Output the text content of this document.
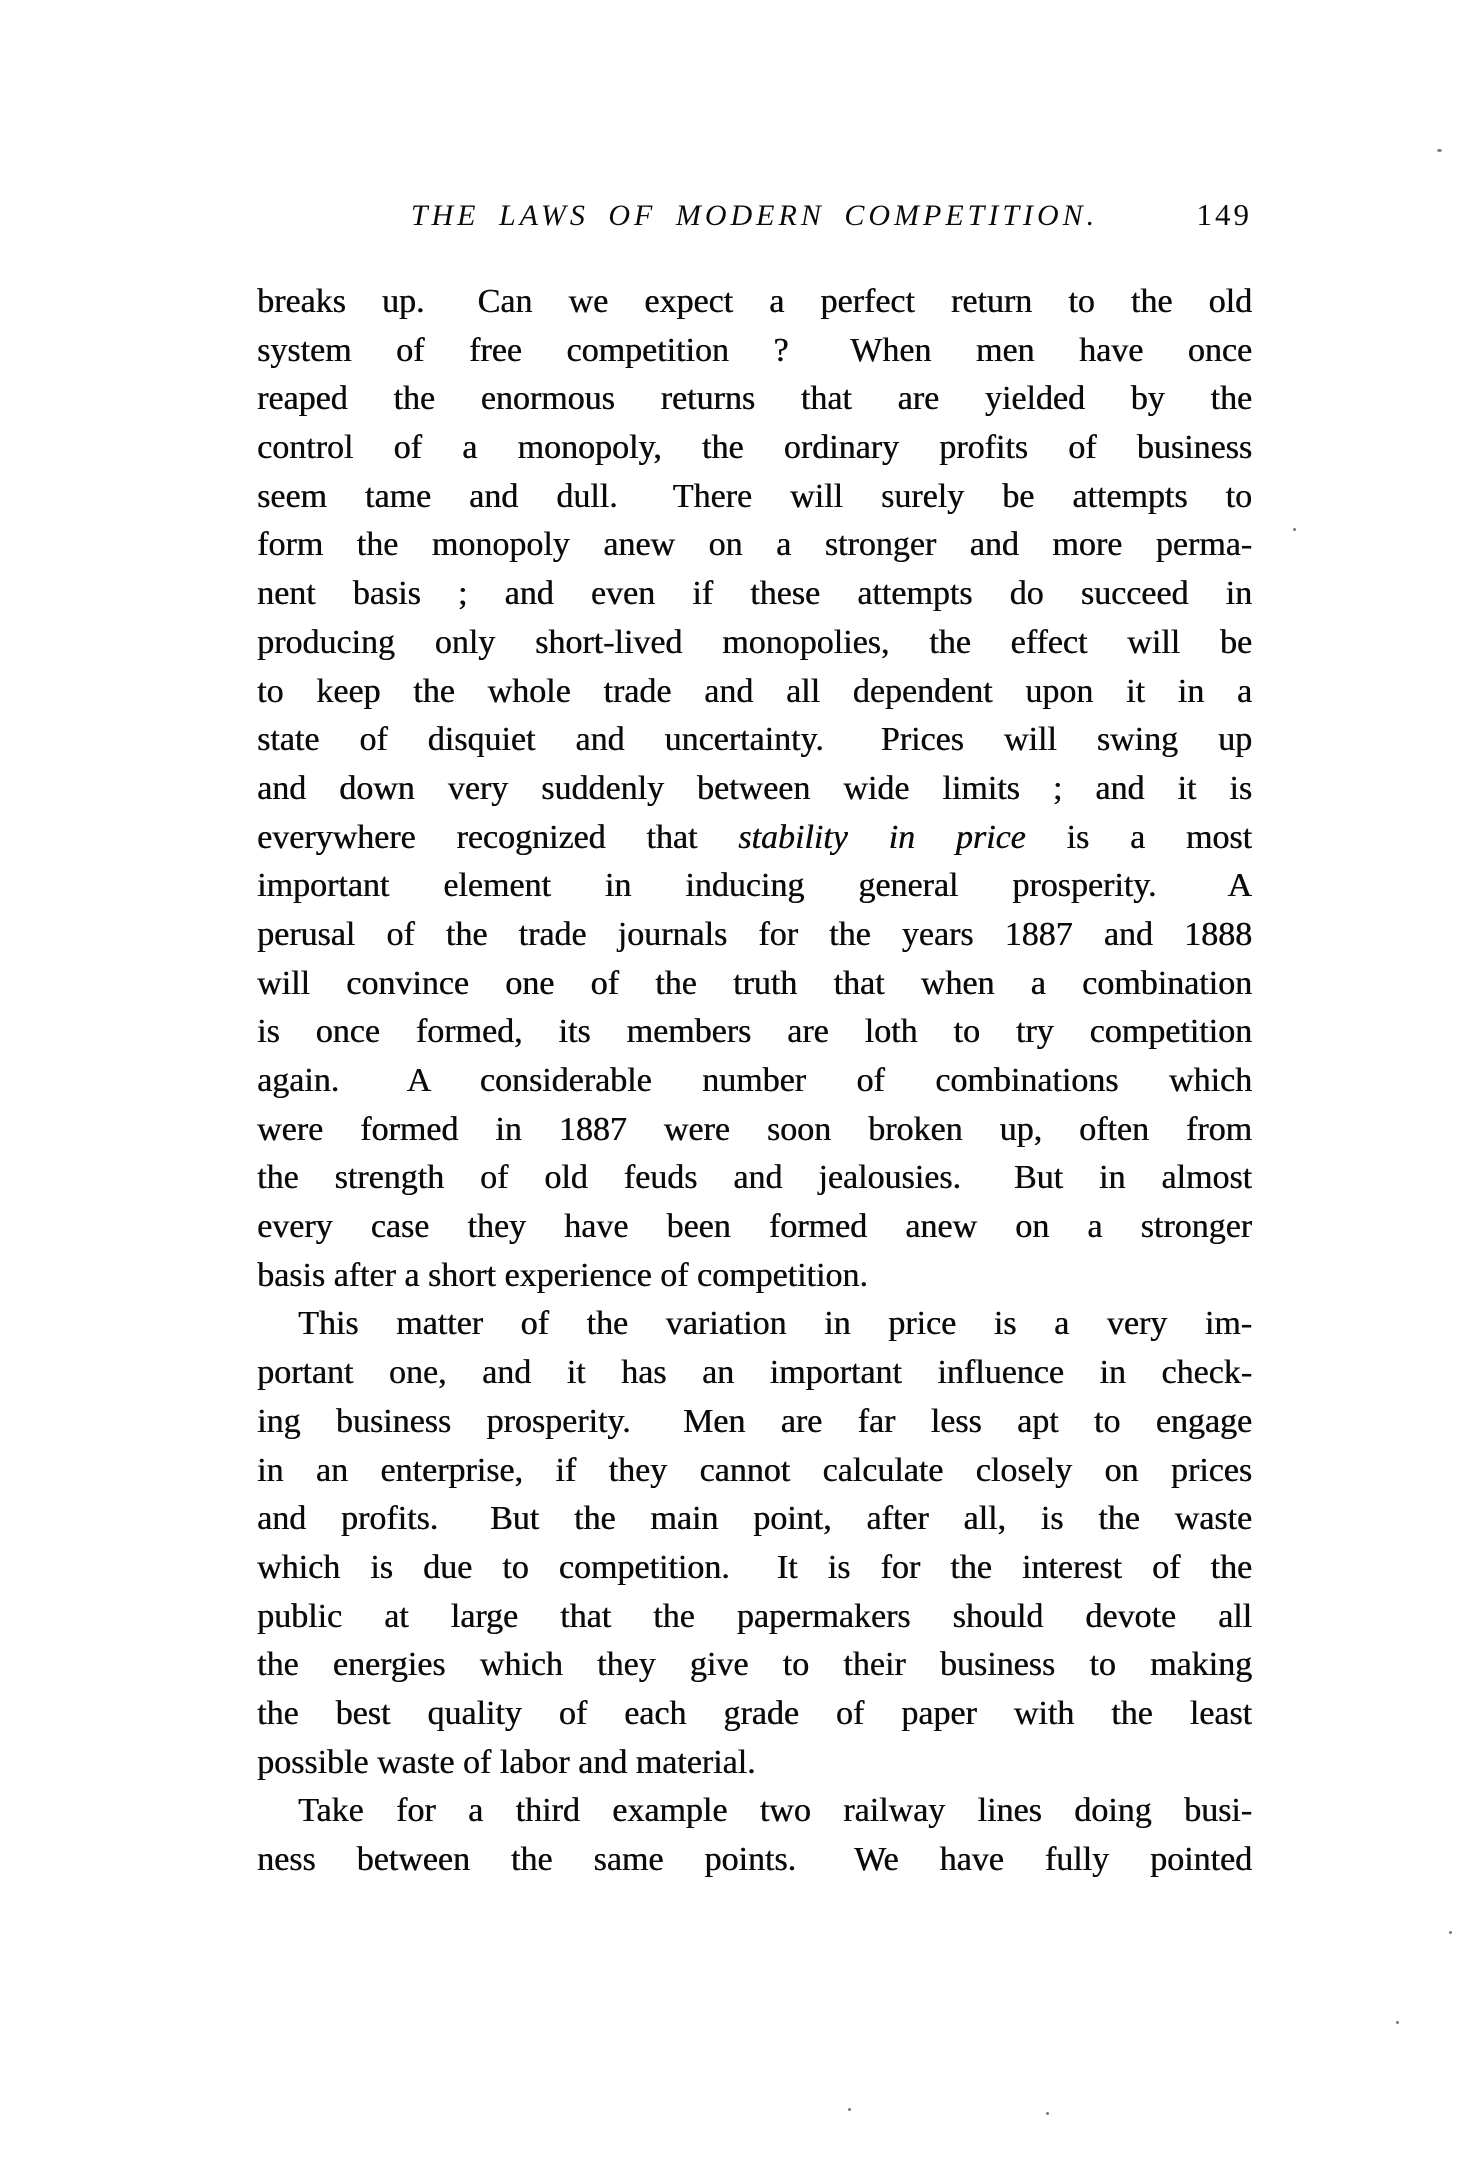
THE LAWS OF MODERN COMPETITION.	149
breaks up.  Can we expect a perfect return to the old
system of free competition ?  When men have once
reaped the enormous returns that are yielded by the
control of a monopoly, the ordinary profits of business
seem tame and dull.  There will surely be attempts to
form the monopoly anew on a stronger and more perma-
nent basis ; and even if these attempts do succeed in
producing only short-lived monopolies, the effect will be
to keep the whole trade and all dependent upon it in a
state of disquiet and uncertainty.  Prices will swing up
and down very suddenly between wide limits ; and it is
everywhere recognized that stability in price is a most
important element in inducing general prosperity.  A
perusal of the trade journals for the years 1887 and 1888
will convince one of the truth that when a combination
is once formed, its members are loth to try competition
again.  A considerable number of combinations which
were formed in 1887 were soon broken up, often from
the strength of old feuds and jealousies.  But in almost
every case they have been formed anew on a stronger
basis after a short experience of competition.
This matter of the variation in price is a very im-
portant one, and it has an important influence in check-
ing business prosperity.  Men are far less apt to engage
in an enterprise, if they cannot calculate closely on prices
and profits.  But the main point, after all, is the waste
which is due to competition.  It is for the interest of the
public at large that the papermakers should devote all
the energies which they give to their business to making
the best quality of each grade of paper with the least
possible waste of labor and material.
Take for a third example two railway lines doing busi-
ness between the same points.  We have fully pointed
